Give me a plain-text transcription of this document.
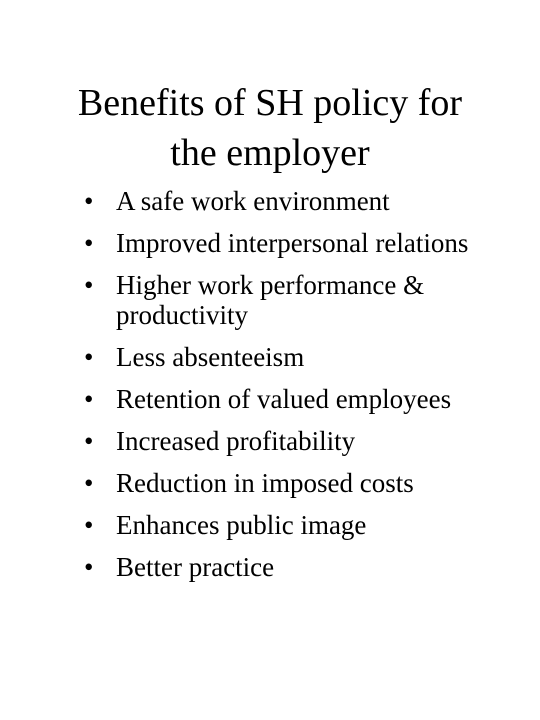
Benefits of SH policy for
the employer
• A safe work environment
• Improved interpersonal relations
• Higher work performance & productivity
• Less absenteeism
• Retention of valued employees
• Increased profitability
• Reduction in imposed costs
• Enhances public image
• Better practice
